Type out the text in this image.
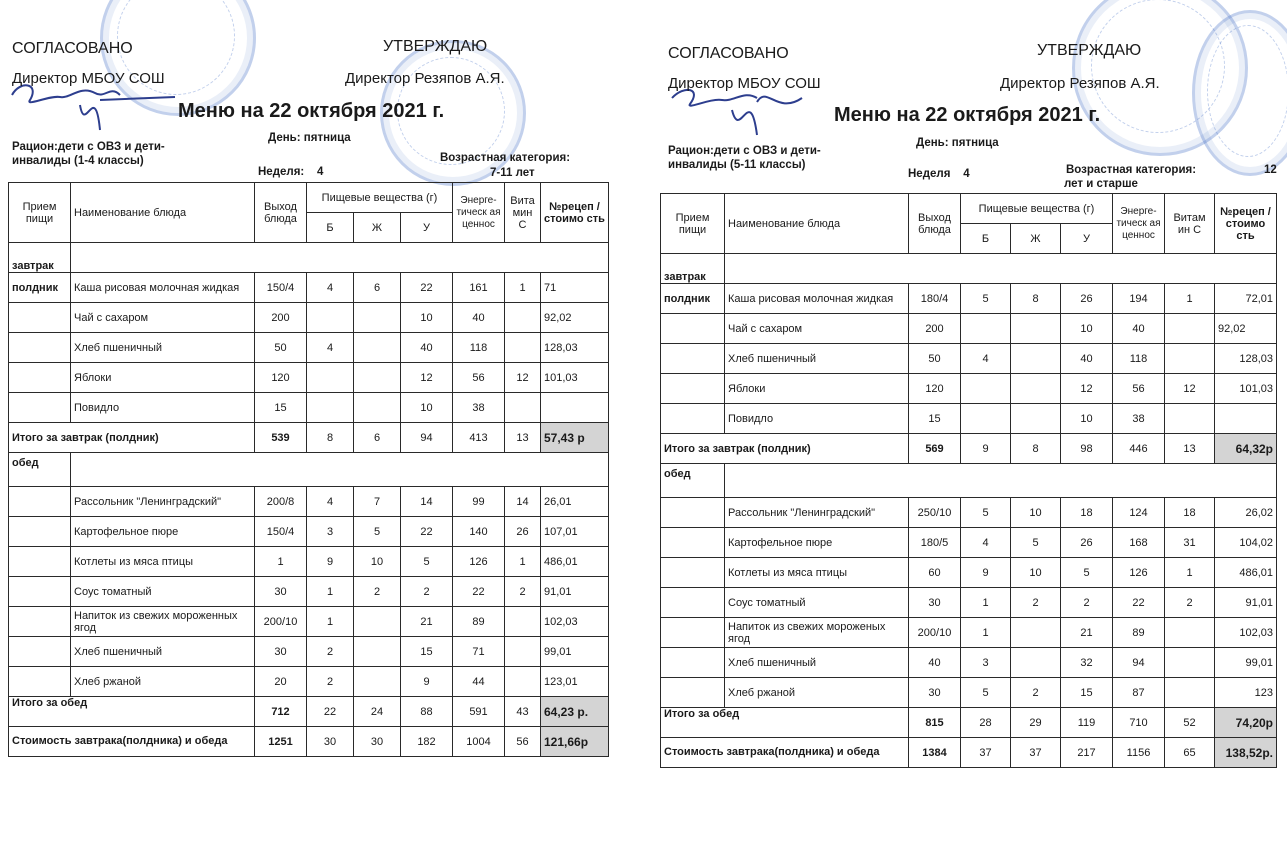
СОГЛАСОВАНО	УТВЕРЖДАЮ
Директор МБОУ СОШ	Директор Резяпов А.Я.
Меню на 22 октября 2021 г.
Рацион:дети с ОВЗ и дети-
инвалиды (1-4 классы)
День: пятница
Неделя: 4
Возрастная категория:
7-11 лет
Прием пищи	Наименование блюда	Выход блюда	Пищевые вещества (г)			Энерге- тическ ая ценнос	Вита мин С	№рецеп /стоимо сть
			Б	Ж	У			
завтрак								
полдник	Каша рисовая молочная жидкая	150/4	4	6	22	161	1	71
	Чай с сахаром	200			10	40		92,02
	Хлеб пшеничный	50	4		40	118		128,03
	Яблоки	120			12	56	12	101,03
	Повидло	15			10	38		
Итого за завтрак (полдник)		539	8	6	94	413	13	57,43 р
обед								
	Рассольник "Ленинградский"	200/8	4	7	14	99	14	26,01
	Картофельное пюре	150/4	3	5	22	140	26	107,01
	Котлеты из мяса птицы	1	9	10	5	126	1	486,01
	Соус томатный	30	1	2	2	22	2	91,01
	Напиток из свежих мороженных ягод	200/10	1		21	89		102,03
	Хлеб пшеничный	30	2		15	71		99,01
	Хлеб ржаной	20	2		9	44		123,01
Итого за обед		712	22	24	88	591	43	64,23 р.
Стоимость завтрака(полдника) и обеда		1251	30	30	182	1004	56	121,66р
СОГЛАСОВАНО	УТВЕРЖДАЮ
Директор МБОУ СОШ	Директор Резяпов А.Я.
Меню на 22 октября 2021 г.
Рацион:дети с ОВЗ и дети-
инвалиды (5-11 классы)
День: пятница
Неделя 4	Возрастная категория:	12
лет и старше
Прием пищи	Наименование блюда	Выход блюда	Пищевые вещества (г)			Энерге- тическ ая ценнос	Витам ин С	№рецеп /стоимо сть
			Б	Ж	У			
завтрак								
полдник	Каша рисовая молочная жидкая	180/4	5	8	26	194	1	72,01
	Чай с сахаром	200			10	40		92,02
	Хлеб пшеничный	50	4		40	118		128,03
	Яблоки	120			12	56	12	101,03
	Повидло	15			10	38		
Итого за завтрак (полдник)		569	9	8	98	446	13	64,32р
обед								
	Рассольник "Ленинградский"	250/10	5	10	18	124	18	26,02
	Картофельное пюре	180/5	4	5	26	168	31	104,02
	Котлеты из мяса птицы	60	9	10	5	126	1	486,01
	Соус томатный	30	1	2	2	22	2	91,01
	Напиток из свежих мороженых ягод	200/10	1		21	89		102,03
	Хлеб пшеничный	40	3		32	94		99,01
	Хлеб ржаной	30	5	2	15	87		123
Итого за обед		815	28	29	119	710	52	74,20р
Стоимость завтрака(полдника) и обеда		1384	37	37	217	1156	65	138,52р.
